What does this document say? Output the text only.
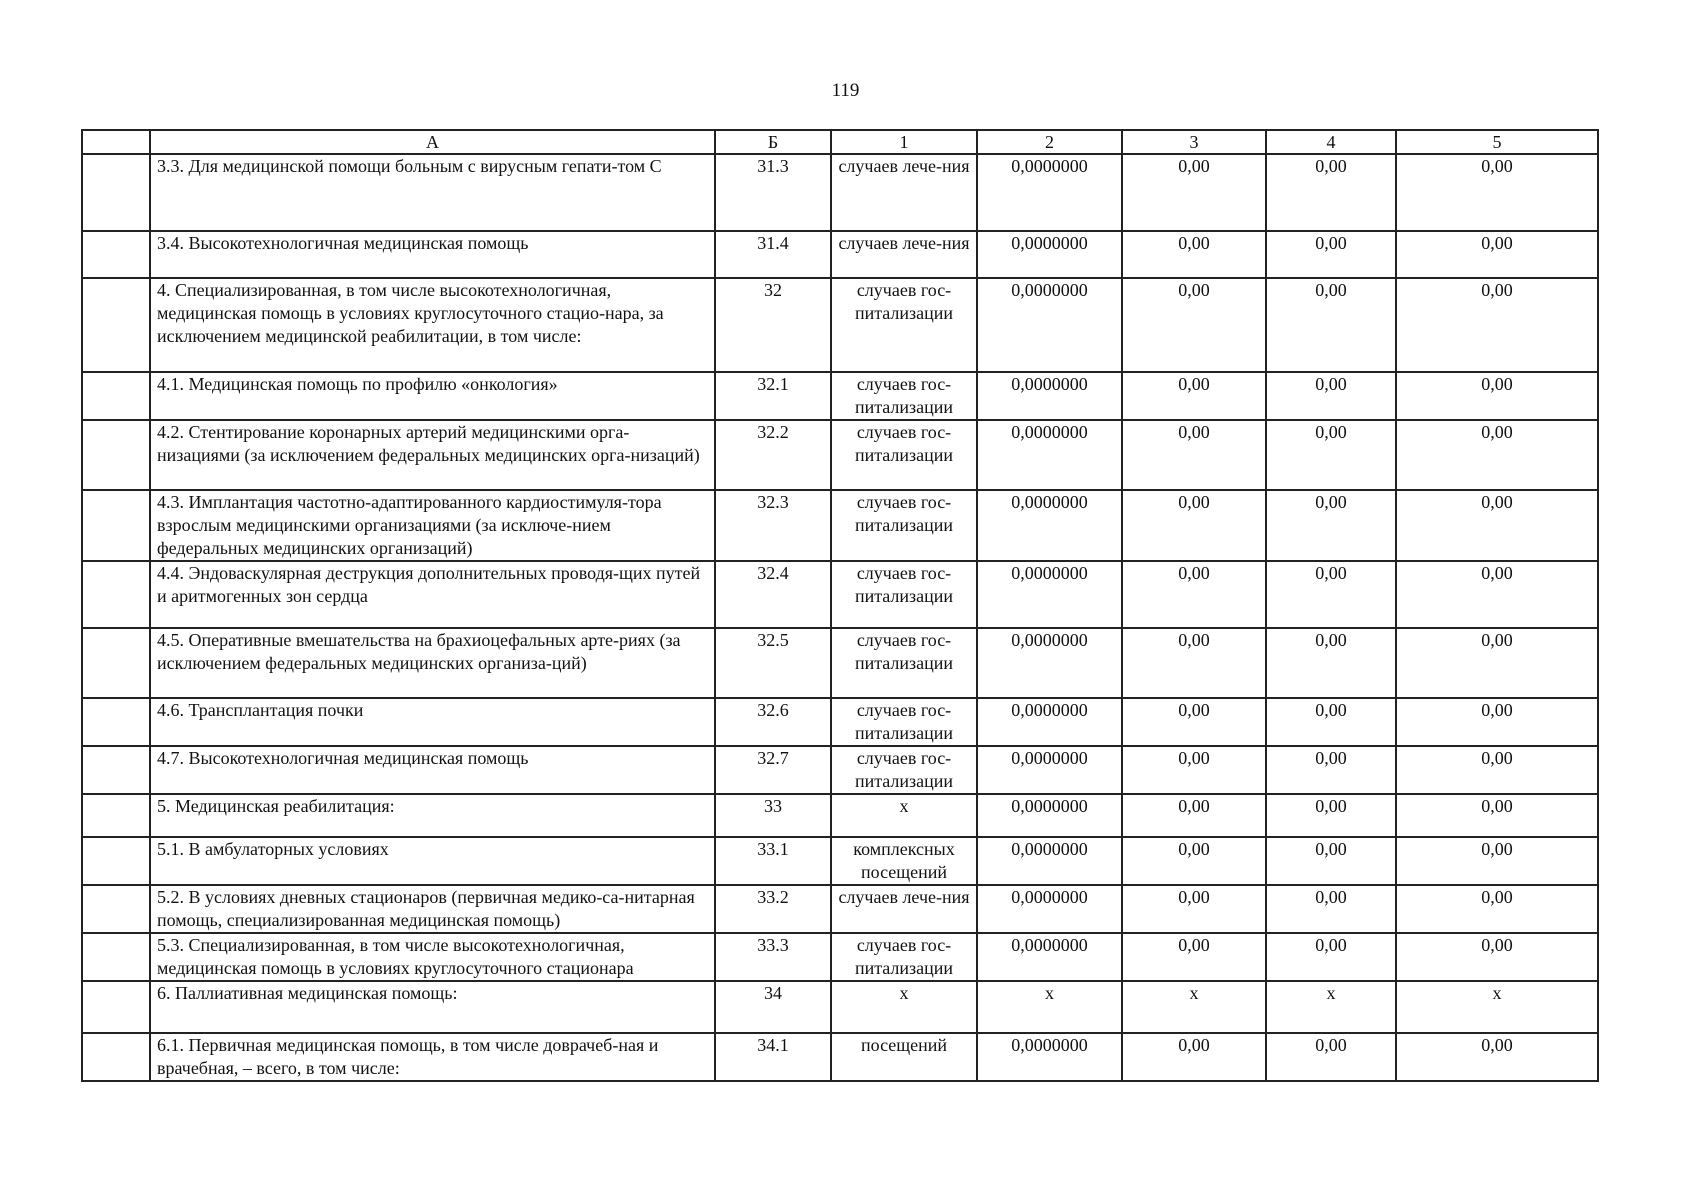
119
	А	Б	1	2	3	4	5
	3.3. Для медицинской помощи больным с вирусным гепати-том С	31.3	случаев лече-ния	0,0000000	0,00	0,00	0,00
	3.4. Высокотехнологичная медицинская помощь	31.4	случаев лече-ния	0,0000000	0,00	0,00	0,00
	4. Специализированная, в том числе высокотехнологичная, медицинская помощь в условиях круглосуточного стацио-нара, за исключением медицинской реабилитации, в том числе:	32	случаев гос-питализации	0,0000000	0,00	0,00	0,00
	4.1. Медицинская помощь по профилю «онкология»	32.1	случаев гос-питализации	0,0000000	0,00	0,00	0,00
	4.2. Стентирование коронарных артерий медицинскими орга-низациями (за исключением федеральных медицинских орга-низаций)	32.2	случаев гос-питализации	0,0000000	0,00	0,00	0,00
	4.3. Имплантация частотно-адаптированного кардиостимуля-тора взрослым медицинскими организациями (за исключе-нием федеральных медицинских организаций)	32.3	случаев гос-питализации	0,0000000	0,00	0,00	0,00
	4.4. Эндоваскулярная деструкция дополнительных проводя-щих путей и аритмогенных зон сердца	32.4	случаев гос-питализации	0,0000000	0,00	0,00	0,00
	4.5. Оперативные вмешательства на брахиоцефальных арте-риях (за исключением федеральных медицинских организа-ций)	32.5	случаев гос-питализации	0,0000000	0,00	0,00	0,00
	4.6. Трансплантация почки	32.6	случаев гос-питализации	0,0000000	0,00	0,00	0,00
	4.7. Высокотехнологичная медицинская помощь	32.7	случаев гос-питализации	0,0000000	0,00	0,00	0,00
	5. Медицинская реабилитация:	33	х	0,0000000	0,00	0,00	0,00
	5.1. В амбулаторных условиях	33.1	комплексных посещений	0,0000000	0,00	0,00	0,00
	5.2. В условиях дневных стационаров (первичная медико-са-нитарная помощь, специализированная медицинская помощь)	33.2	случаев лече-ния	0,0000000	0,00	0,00	0,00
	5.3. Специализированная, в том числе высокотехнологичная, медицинская помощь в условиях круглосуточного стационара	33.3	случаев гос-питализации	0,0000000	0,00	0,00	0,00
	6. Паллиативная медицинская помощь:	34	х	х	х	х	х
	6.1. Первичная медицинская помощь, в том числе доврачеб-ная и врачебная, – всего, в том числе:	34.1	посещений	0,0000000	0,00	0,00	0,00
